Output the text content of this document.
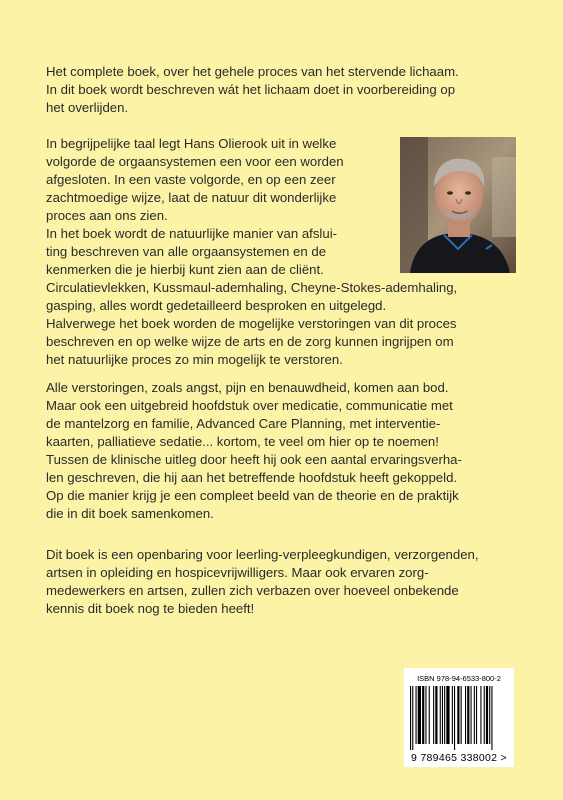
Het complete boek, over het gehele proces van het stervende lichaam.

In dit boek wordt beschreven wát het lichaam doet in voorbereiding op

het overlijden.

In begrijpelijke taal legt Hans Olierook uit in welke

volgorde de orgaansystemen een voor een worden

afgesloten. In een vaste volgorde, en op een zeer

zachtmoedige wijze, laat de natuur dit wonderlijke

proces aan ons zien.

In het boek wordt de natuurlijke manier van afslui-

ting beschreven van alle orgaansystemen en de

kenmerken die je hierbij kunt zien aan de cliënt.

Circulatievlekken, Kussmaul-ademhaling, Cheyne-Stokes-ademhaling,

gasping, alles wordt gedetailleerd besproken en uitgelegd.

Halverwege het boek worden de mogelijke verstoringen van dit proces

beschreven en op welke wijze de arts en de zorg kunnen ingrijpen om

het natuurlijke proces zo min mogelijk te verstoren.

Alle verstoringen, zoals angst, pijn en benauwdheid, komen aan bod.

Maar ook een uitgebreid hoofdstuk over medicatie, communicatie met

de mantelzorg en familie, Advanced Care Planning, met interventie-

kaarten, palliatieve sedatie... kortom, te veel om hier op te noemen!

Tussen de klinische uitleg door heeft hij ook een aantal ervaringsverha-

len geschreven, die hij aan het betreffende hoofdstuk heeft gekoppeld.

Op die manier krijg je een compleet beeld van de theorie en de praktijk

die in dit boek samenkomen.

Dit boek is een openbaring voor leerling-verpleegkundigen, verzorgenden,

artsen in opleiding en hospicevrijwilligers. Maar ook ervaren zorg-

medewerkers en artsen, zullen zich verbazen over hoeveel onbekende

kennis dit boek nog te bieden heeft!

ISBN 978-94-6533-800-2
9 789465 338002 >
